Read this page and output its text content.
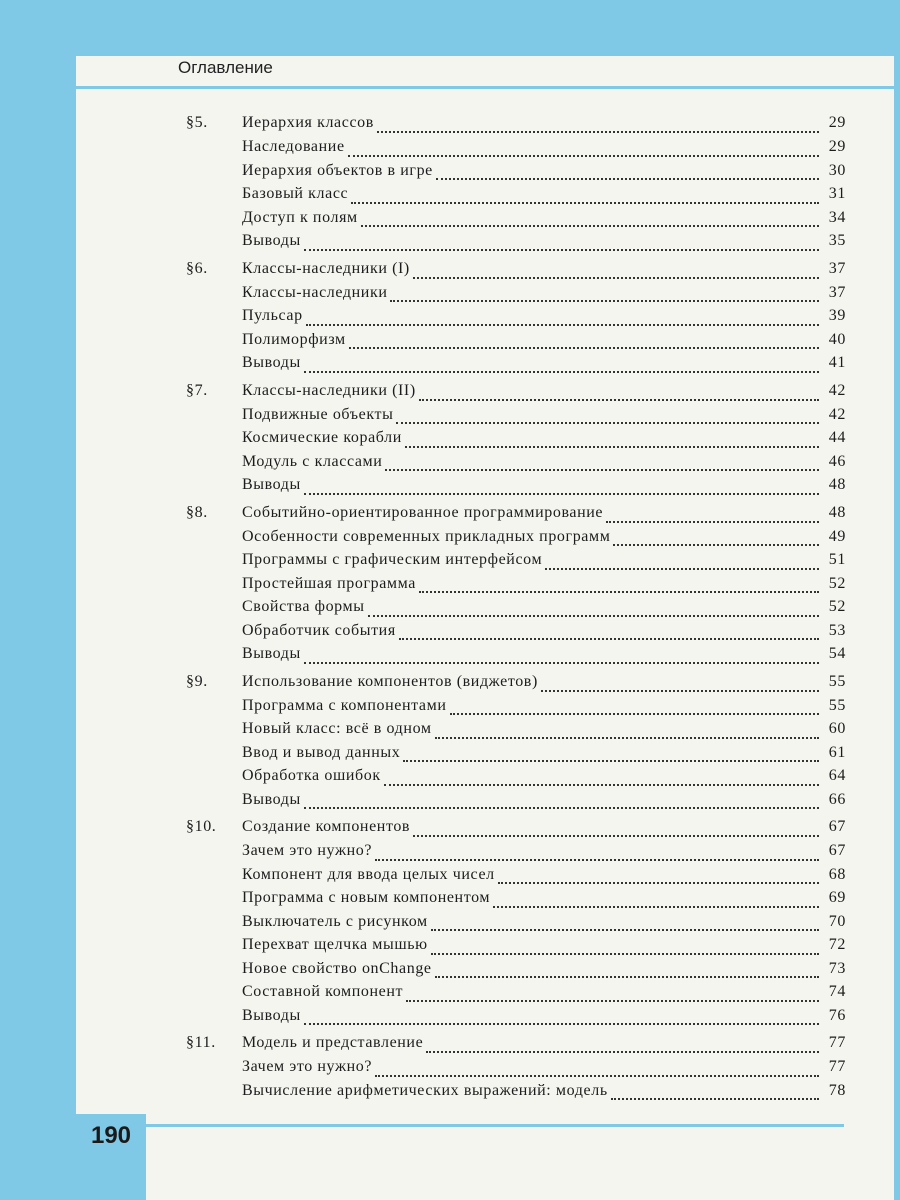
Оглавление
§5.	Иерархия классов	29
Наследование	29
Иерархия объектов в игре	30
Базовый класс	31
Доступ к полям	34
Выводы	35
§6.	Классы-наследники (I)	37
Классы-наследники	37
Пульсар	39
Полиморфизм	40
Выводы	41
§7.	Классы-наследники (II)	42
Подвижные объекты	42
Космические корабли	44
Модуль с классами	46
Выводы	48
§8.	Событийно-ориентированное программирование	48
Особенности современных прикладных программ	49
Программы с графическим интерфейсом	51
Простейшая программа	52
Свойства формы	52
Обработчик события	53
Выводы	54
§9.	Использование компонентов (виджетов)	55
Программа с компонентами	55
Новый класс: всё в одном	60
Ввод и вывод данных	61
Обработка ошибок	64
Выводы	66
§10.	Создание компонентов	67
Зачем это нужно?	67
Компонент для ввода целых чисел	68
Программа с новым компонентом	69
Выключатель с рисунком	70
Перехват щелчка мышью	72
Новое свойство onChange	73
Составной компонент	74
Выводы	76
§11.	Модель и представление	77
Зачем это нужно?	77
Вычисление арифметических выражений: модель	78
190
